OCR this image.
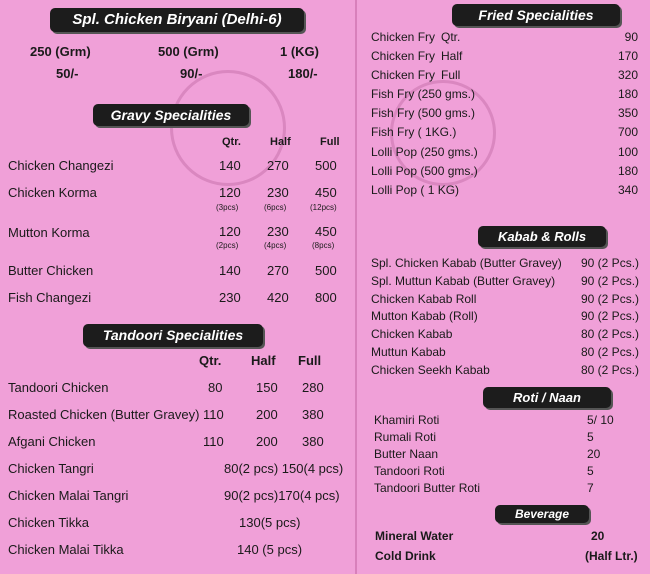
Spl. Chicken Biryani (Delhi-6)
250 (Grm)	500 (Grm)	1 (KG)
50/-	90/-	180/-
Gravy Specialities
Qtr.	Half	Full
Chicken Changezi	140 270 500
Chicken Korma	120 230 450
(3pcs)	(6pcs)	(12pcs)
Mutton Korma	120 230 450
(2pcs)	(4pcs)	(8pcs)
Butter Chicken	140 270 500
Fish Changezi	230 420 800
Tandoori Specialities
Qtr. Half Full
Tandoori Chicken	80	150 280
Roasted Chicken (Butter Gravey) 110 200 380
Afgani Chicken	110 200 380
Chicken Tangri	80(2 pcs) 150(4 pcs)
Chicken Malai Tangri	90(2 pcs)170(4 pcs)
Chicken Tikka	130(5 pcs)
Chicken Malai Tikka	140 (5 pcs)
Fried Specialities
Chicken Fry Qtr.	90
Chicken Fry Half	170
Chicken Fry Full	320
Fish Fry (250 gms.)	180
Fish Fry (500 gms.)	350
Fish Fry ( 1KG.)	700
Lolli Pop (250 gms.)	100
Lolli Pop (500 gms.)	180
Lolli Pop ( 1 KG)	340
Kabab & Rolls
Spl. Chicken Kabab (Butter Gravey) 90 (2 Pcs.)
Spl. Muttun Kabab (Butter Gravey) 90 (2 Pcs.)
Chicken Kabab Roll	90 (2 Pcs.)
Mutton Kabab (Roll)	90 (2 Pcs.)
Chicken Kabab	80 (2 Pcs.)
Muttun Kabab	80 (2 Pcs.)
Chicken Seekh Kabab	80 (2 Pcs.)
Roti / Naan
Khamiri Roti	5/ 10
Rumali Roti	5
Butter Naan	20
Tandoori Roti	5
Tandoori Butter Roti	7
Beverage
Mineral Water	20
Cold Drink	(Half Ltr.)
